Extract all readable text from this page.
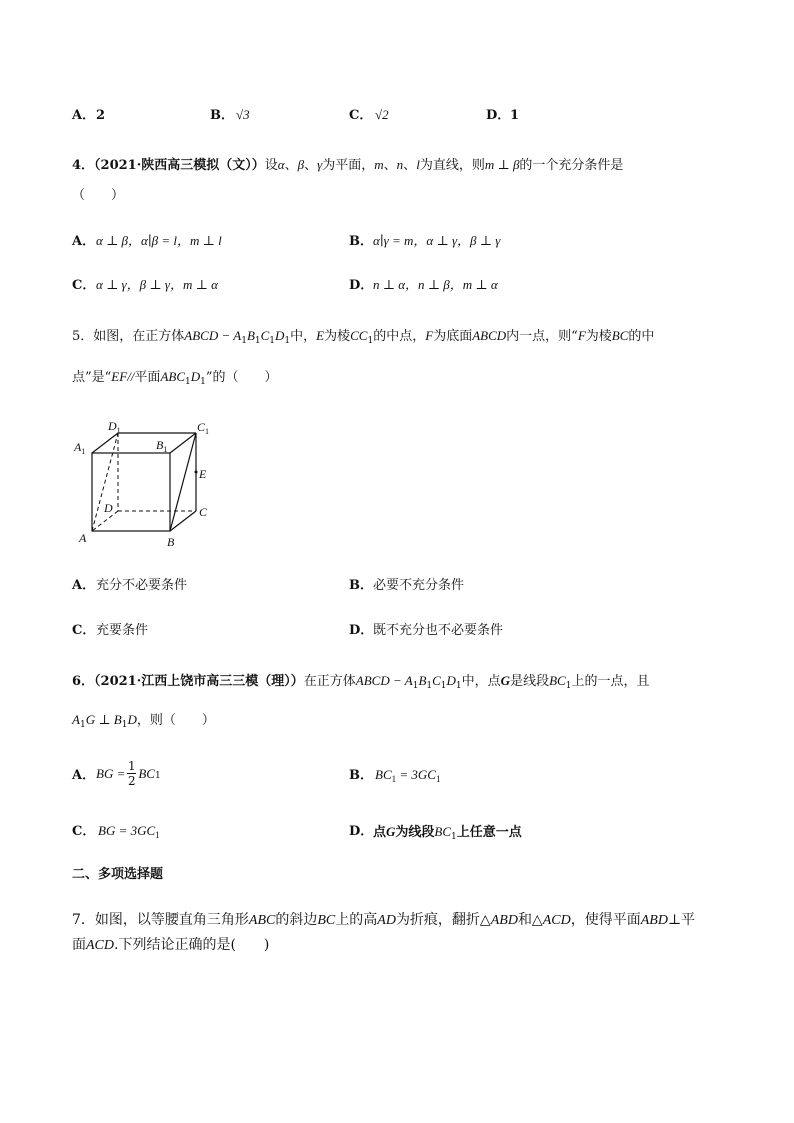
A． 2	B． √3	C． √2	D． 1
4．（2021·陕西高三模拟（文））设α、β、γ为平面，m、n、l为直线，则m ⊥ β的一个充分条件是
（　　）
A． α ⊥ β，α∣β = l，m ⊥ l	B． α∣γ = m，α ⊥ γ，β ⊥ γ
C． α ⊥ γ，β ⊥ γ，m ⊥ α	D． n ⊥ α，n ⊥ β，m ⊥ α
5．如图，在正方体ABCD − $A_1B_1C_1D_1$中，E为棱$CC_1$的中点，F为底面ABCD内一点，则“F为棱BC的中
点”是“EF//平面$ABC_1D_1$”的（　　）
$D_1$
$A_1$	$B_1$
$C_1$
E
D	C
A	B
A． 充分不必要条件	B． 必要不充分条件
C． 充要条件	D． 既不充分也不必要条件
6．（2021·江西上饶市高三三模（理））在正方体ABCD − $A_1B_1C_1D_1$中，点G是线段$BC_1$上的一点，且
$A_1G$ ⊥ $B_1D$，则（　　）
A． BG = 1
2 BC 1	B． $BC_1 = 3GC_1$
C． BG = $3GC_1$	D． 点G为线段$BC_1$上任意一点
二、多项选择题
7．如图，以等腰直角三角形ABC的斜边BC上的高AD为折痕，翻折△ABD和△ACD，使得平面ABD⊥平
面ACD.下列结论正确的是(　　)
